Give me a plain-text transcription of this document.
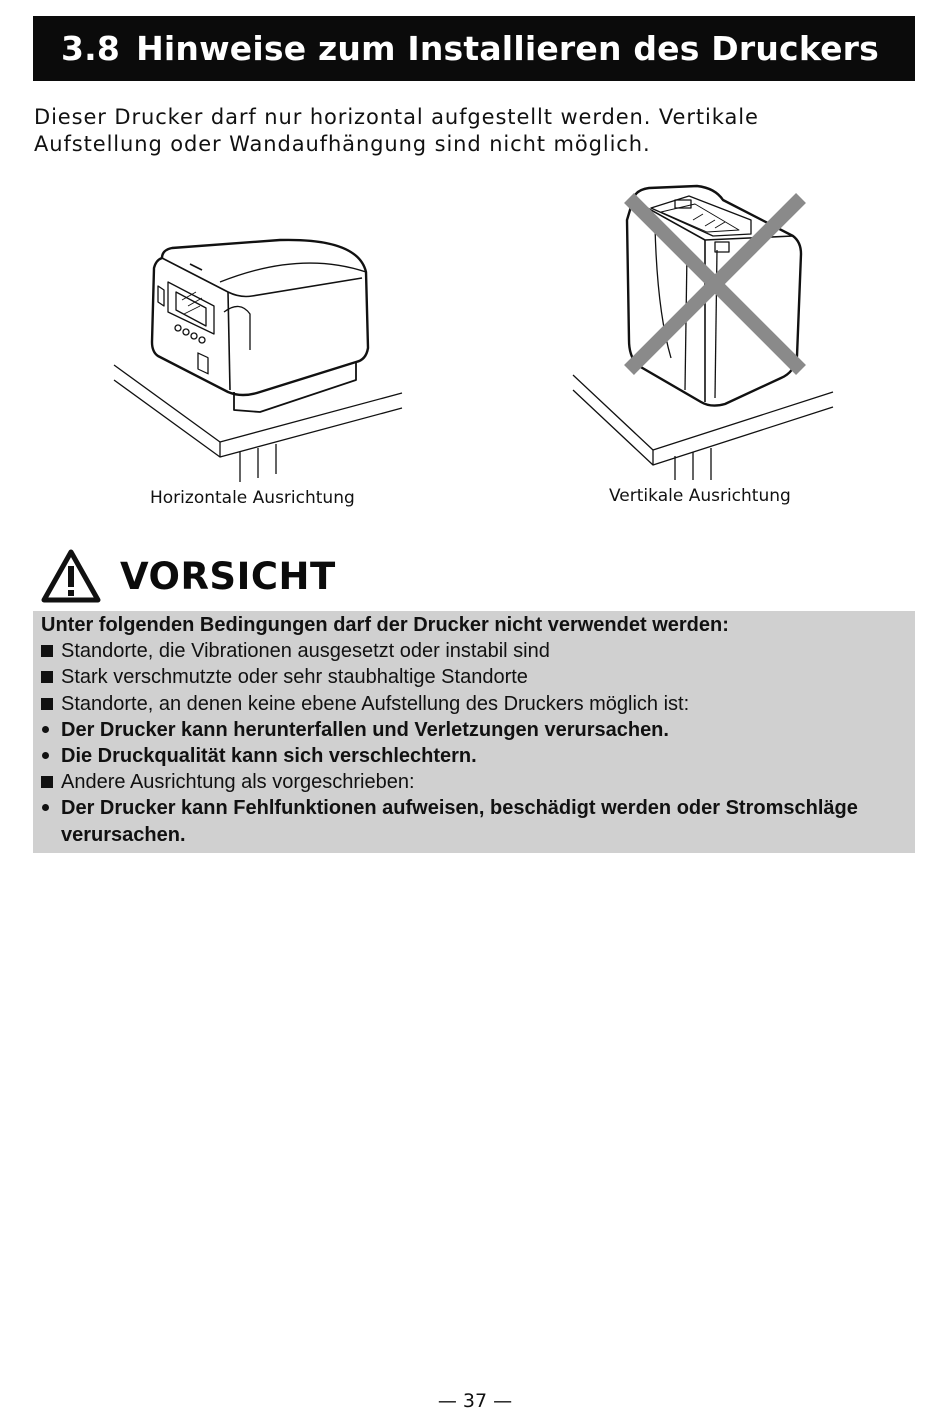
3.8 Hinweise zum Installieren des Druckers
Dieser Drucker darf nur horizontal aufgestellt werden. Vertikale
Aufstellung oder Wandaufhängung sind nicht möglich.
Horizontale Ausrichtung	Vertikale Ausrichtung
VORSICHT
Unter folgenden Bedingungen darf der Drucker nicht verwendet werden:
Standorte, die Vibrationen ausgesetzt oder instabil sind
Stark verschmutzte oder sehr staubhaltige Standorte
Standorte, an denen keine ebene Aufstellung des Druckers möglich ist:
Der Drucker kann herunterfallen und Verletzungen verursachen.
Die Druckqualität kann sich verschlechtern.
Andere Ausrichtung als vorgeschrieben:
Der Drucker kann Fehlfunktionen aufweisen, beschädigt werden oder Stromschläge
verursachen.
— 37 —
